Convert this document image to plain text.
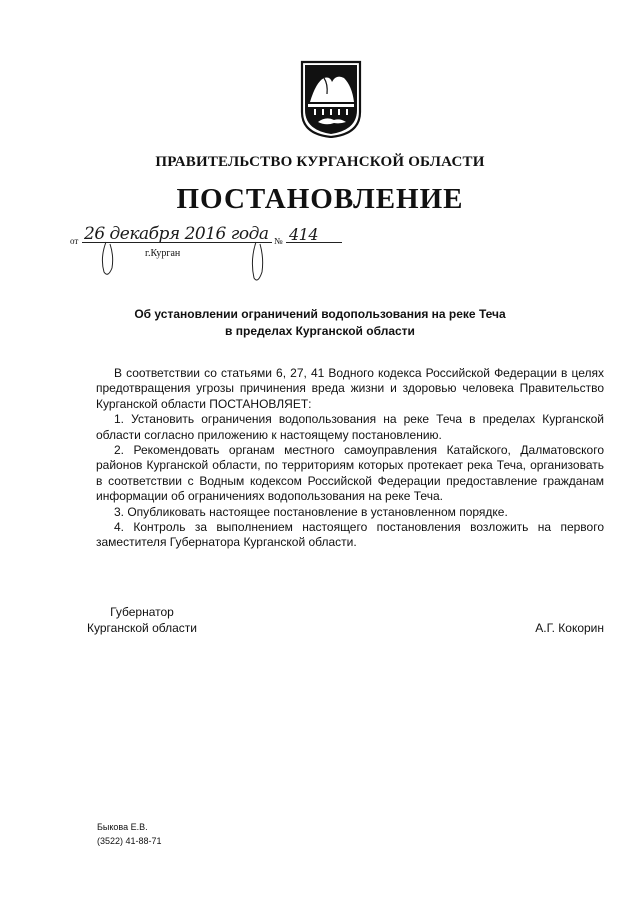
ПРАВИТЕЛЬСТВО КУРГАНСКОЙ ОБЛАСТИ
ПОСТАНОВЛЕНИЕ
от 26 декабря 2016 года № 414
г.Курган
Об установлении ограничений водопользования на реке Теча
в пределах Курганской области

В соответствии со статьями 6, 27, 41 Водного кодекса Российской Федерации в целях предотвращения угрозы причинения вреда жизни и здоровью человека Правительство Курганской области ПОСТАНОВЛЯЕТ:

1. Установить ограничения водопользования на реке Теча в пределах Курганской области согласно приложению к настоящему постановлению.

2. Рекомендовать органам местного самоуправления Катайского, Далматовского районов Курганской области, по территориям которых протекает река Теча, организовать в соответствии с Водным кодексом Российской Федерации предоставление гражданам информации об ограничениях водопользования на реке Теча.

3. Опубликовать настоящее постановление в установленном порядке.

4. Контроль за выполнением настоящего постановления возложить на первого заместителя Губернатора Курганской области.

Губернатор
Курганской области	А.Г. Кокорин
Быкова Е.В.
(3522) 41-88-71
